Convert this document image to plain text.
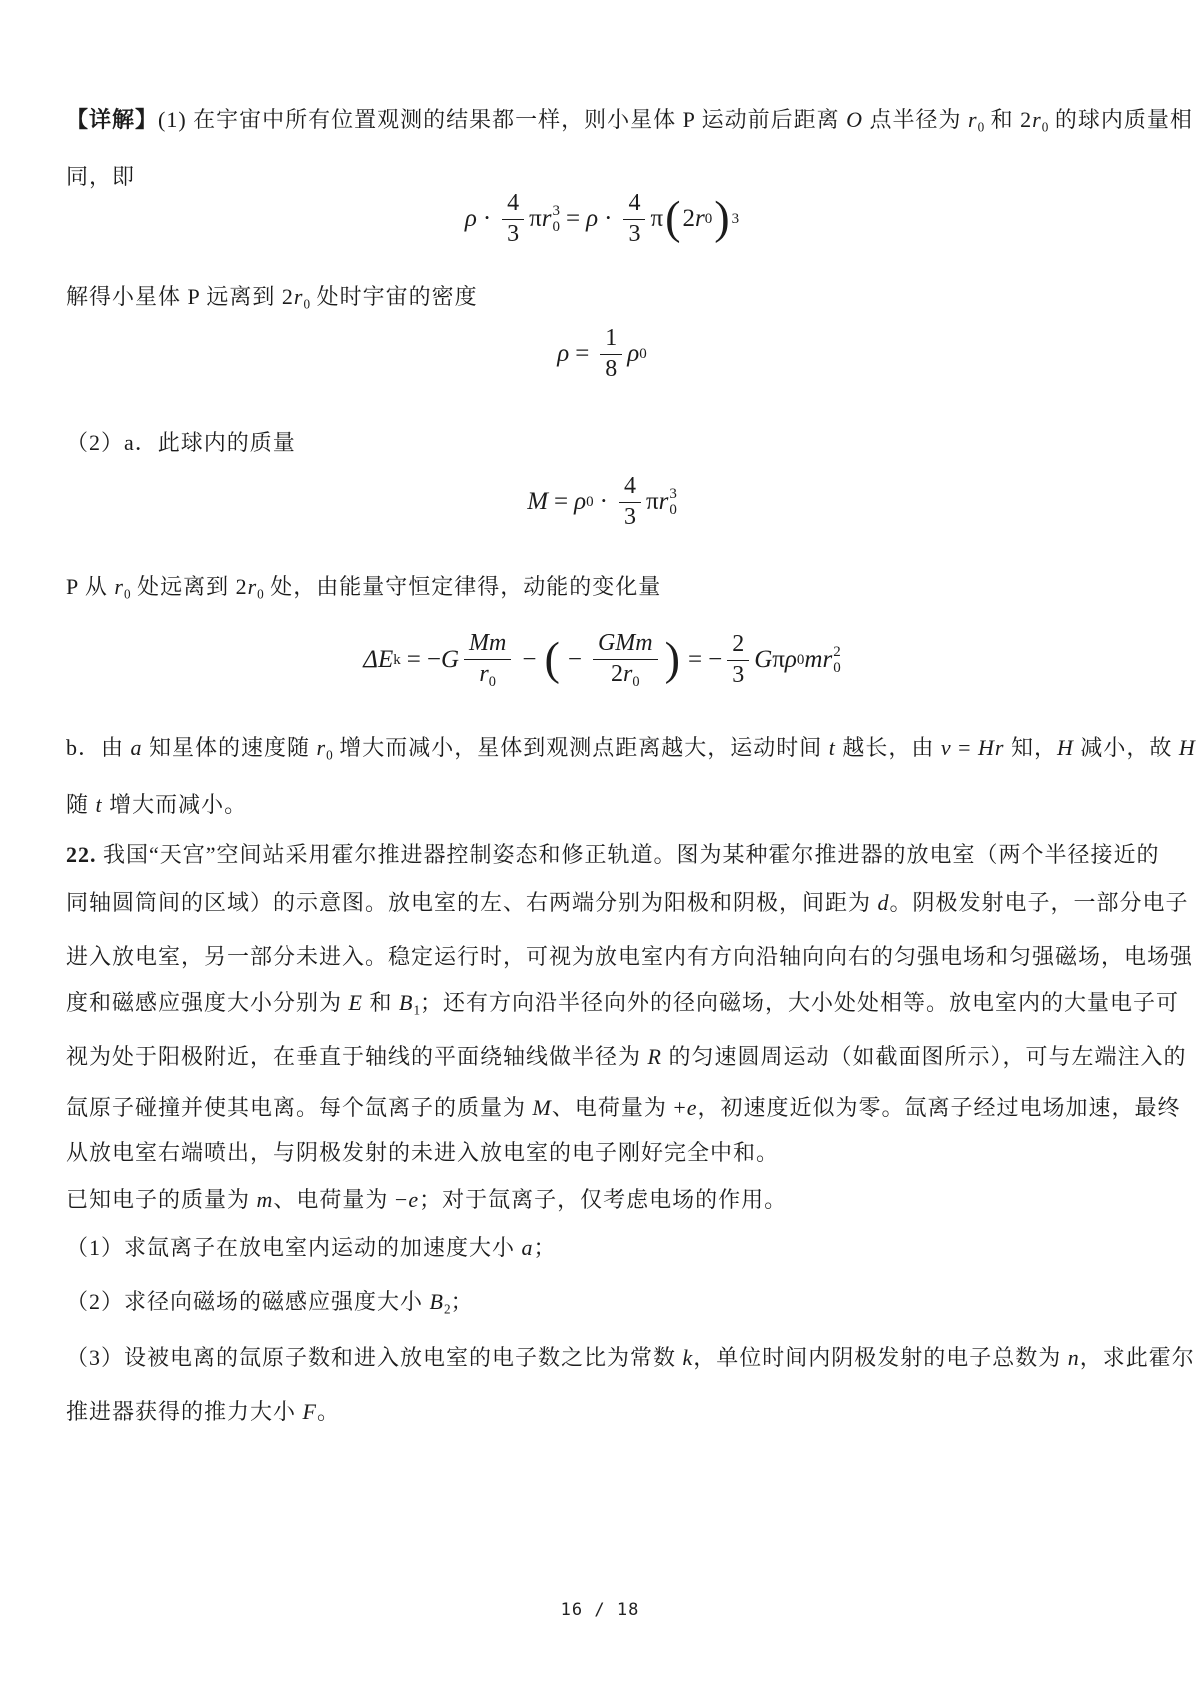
【详解】(1) 在宇宙中所有位置观测的结果都一样，则小星体 P 运动前后距离 O 点半径为 $r_0$ 和 $2r_0$ 的球内质量相
同，即
$\rho \cdot \frac{4}{3}$ π r 3
$0 = \rho \cdot \frac{4}{3}$ π ( 2 r 0 ) 3
解得小星体 P 远离到 $2r_0$ 处时宇宙的密度
$\rho = \frac{1}{8}$ ρ 0
（2）a．此球内的质量
M = ρ $0 \cdot \frac{4}{3}$ π r 3
0
P 从 $r_0$ 处远离到 $2r_0$ 处，由能量守恒定律得，动能的变化量
ΔE k = − G $\frac{Mm}{r_0}$ − ( − $\frac{\text{GMm}}{2r_0}$ ) = − $\frac{2}{3}$ G π ρ 0 mr 2
0
b．由 a 知星体的速度随 $r_0$ 增大而减小，星体到观测点距离越大，运动时间 t 越长，由 v = Hr 知，H 减小，故 H
随 t 增大而减小。
22. 我国“天宫”空间站采用霍尔推进器控制姿态和修正轨道。图为某种霍尔推进器的放电室（两个半径接近的
同轴圆筒间的区域）的示意图。放电室的左、右两端分别为阳极和阴极，间距为 d。阴极发射电子，一部分电子
进入放电室，另一部分未进入。稳定运行时，可视为放电室内有方向沿轴向向右的匀强电场和匀强磁场，电场强
度和磁感应强度大小分别为 E 和 $B_1$；还有方向沿半径向外的径向磁场，大小处处相等。放电室内的大量电子可
视为处于阳极附近，在垂直于轴线的平面绕轴线做半径为 R 的匀速圆周运动（如截面图所示），可与左端注入的
氙原子碰撞并使其电离。每个氙离子的质量为 M、电荷量为 +e，初速度近似为零。氙离子经过电场加速，最终
从放电室右端喷出，与阴极发射的未进入放电室的电子刚好完全中和。
已知电子的质量为 m、电荷量为 −e；对于氙离子，仅考虑电场的作用。
（1）求氙离子在放电室内运动的加速度大小 a；
（2）求径向磁场的磁感应强度大小 $B_2$；
（3）设被电离的氙原子数和进入放电室的电子数之比为常数 k，单位时间内阴极发射的电子总数为 n，求此霍尔
推进器获得的推力大小 F。
16 / 18
